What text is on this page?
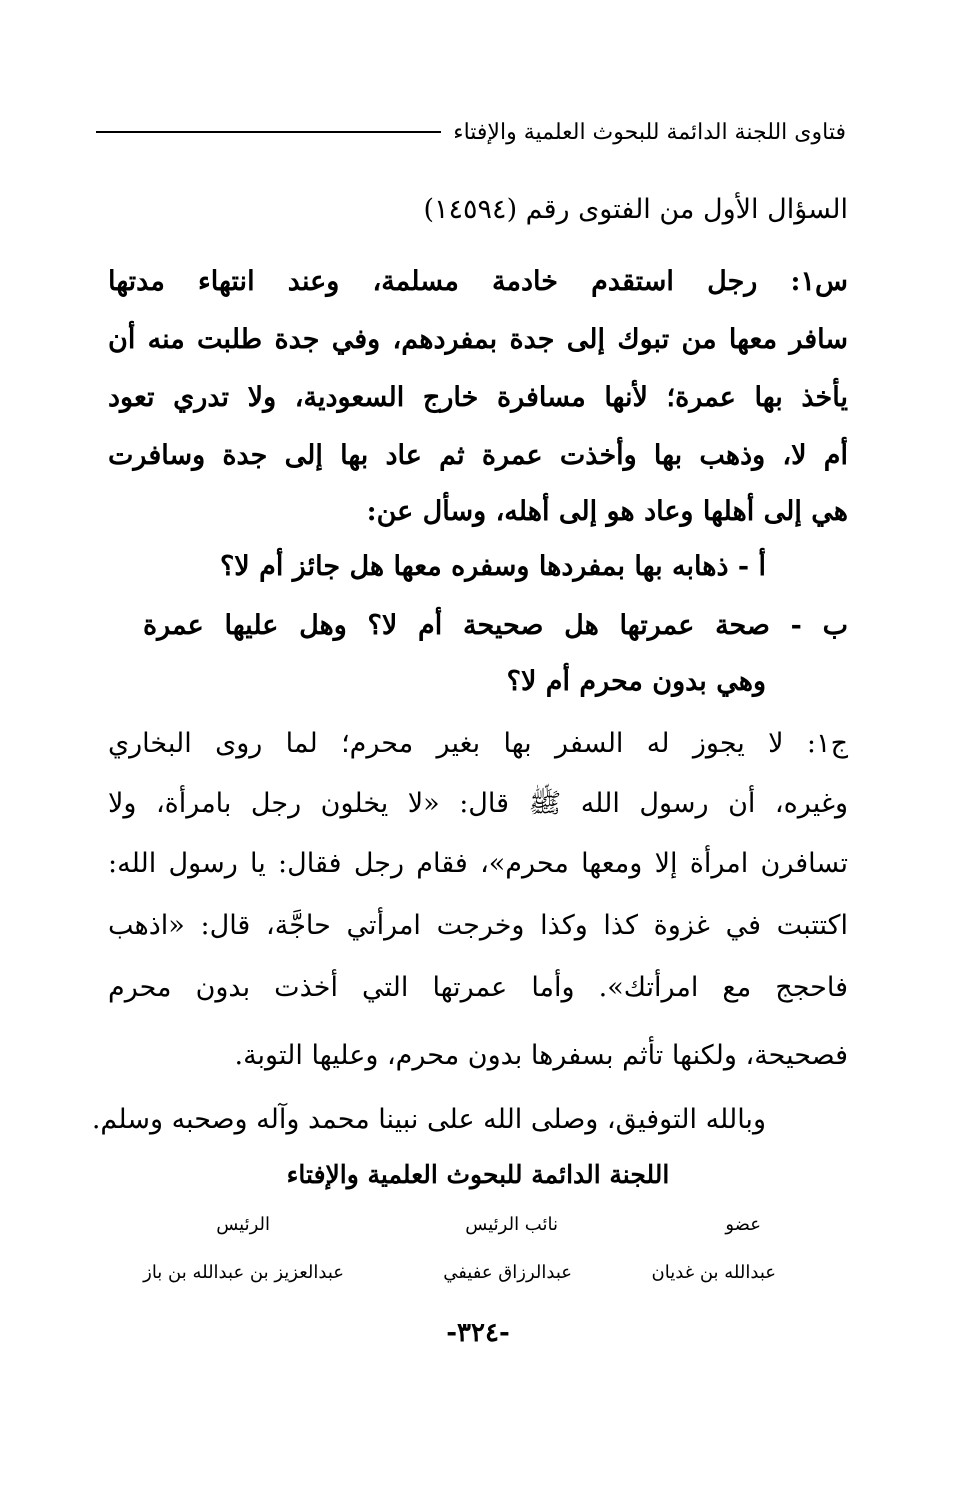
فتاوى اللجنة الدائمة للبحوث العلمية والإفتاء
السؤال الأول من الفتوى رقم (١٤٥٩٤)
س١: رجل استقدم خادمة مسلمة، وعند انتهاء مدتها
سافر معها من تبوك إلى جدة بمفردهم، وفي جدة طلبت منه أن
يأخذ بها عمرة؛ لأنها مسافرة خارج السعودية، ولا تدري تعود
أم لا، وذهب بها وأخذت عمرة ثم عاد بها إلى جدة وسافرت
هي إلى أهلها وعاد هو إلى أهله، وسأل عن:
أ - ذهابه بها بمفردها وسفره معها هل جائز أم لا؟
ب - صحة عمرتها هل صحيحة أم لا؟ وهل عليها عمرة
وهي بدون محرم أم لا؟
ج١: لا يجوز له السفر بها بغير محرم؛ لما روى البخاري
وغيره، أن رسول الله ﷺ قال: «لا يخلون رجل بامرأة، ولا
تسافرن امرأة إلا ومعها محرم»، فقام رجل فقال: يا رسول الله:
اكتتبت في غزوة كذا وكذا وخرجت امرأتي حاجَّة، قال: «اذهب
فاحجج مع امرأتك». وأما عمرتها التي أخذت بدون محرم
فصحيحة، ولكنها تأثم بسفرها بدون محرم، وعليها التوبة.
وبالله التوفيق، وصلى الله على نبينا محمد وآله وصحبه وسلم.
اللجنة الدائمة للبحوث العلمية والإفتاء
عضو
عبدالله بن غديان
نائب الرئيس
عبدالرزاق عفيفي
الرئيس
عبدالعزيز بن عبدالله بن باز
-٣٢٤-
